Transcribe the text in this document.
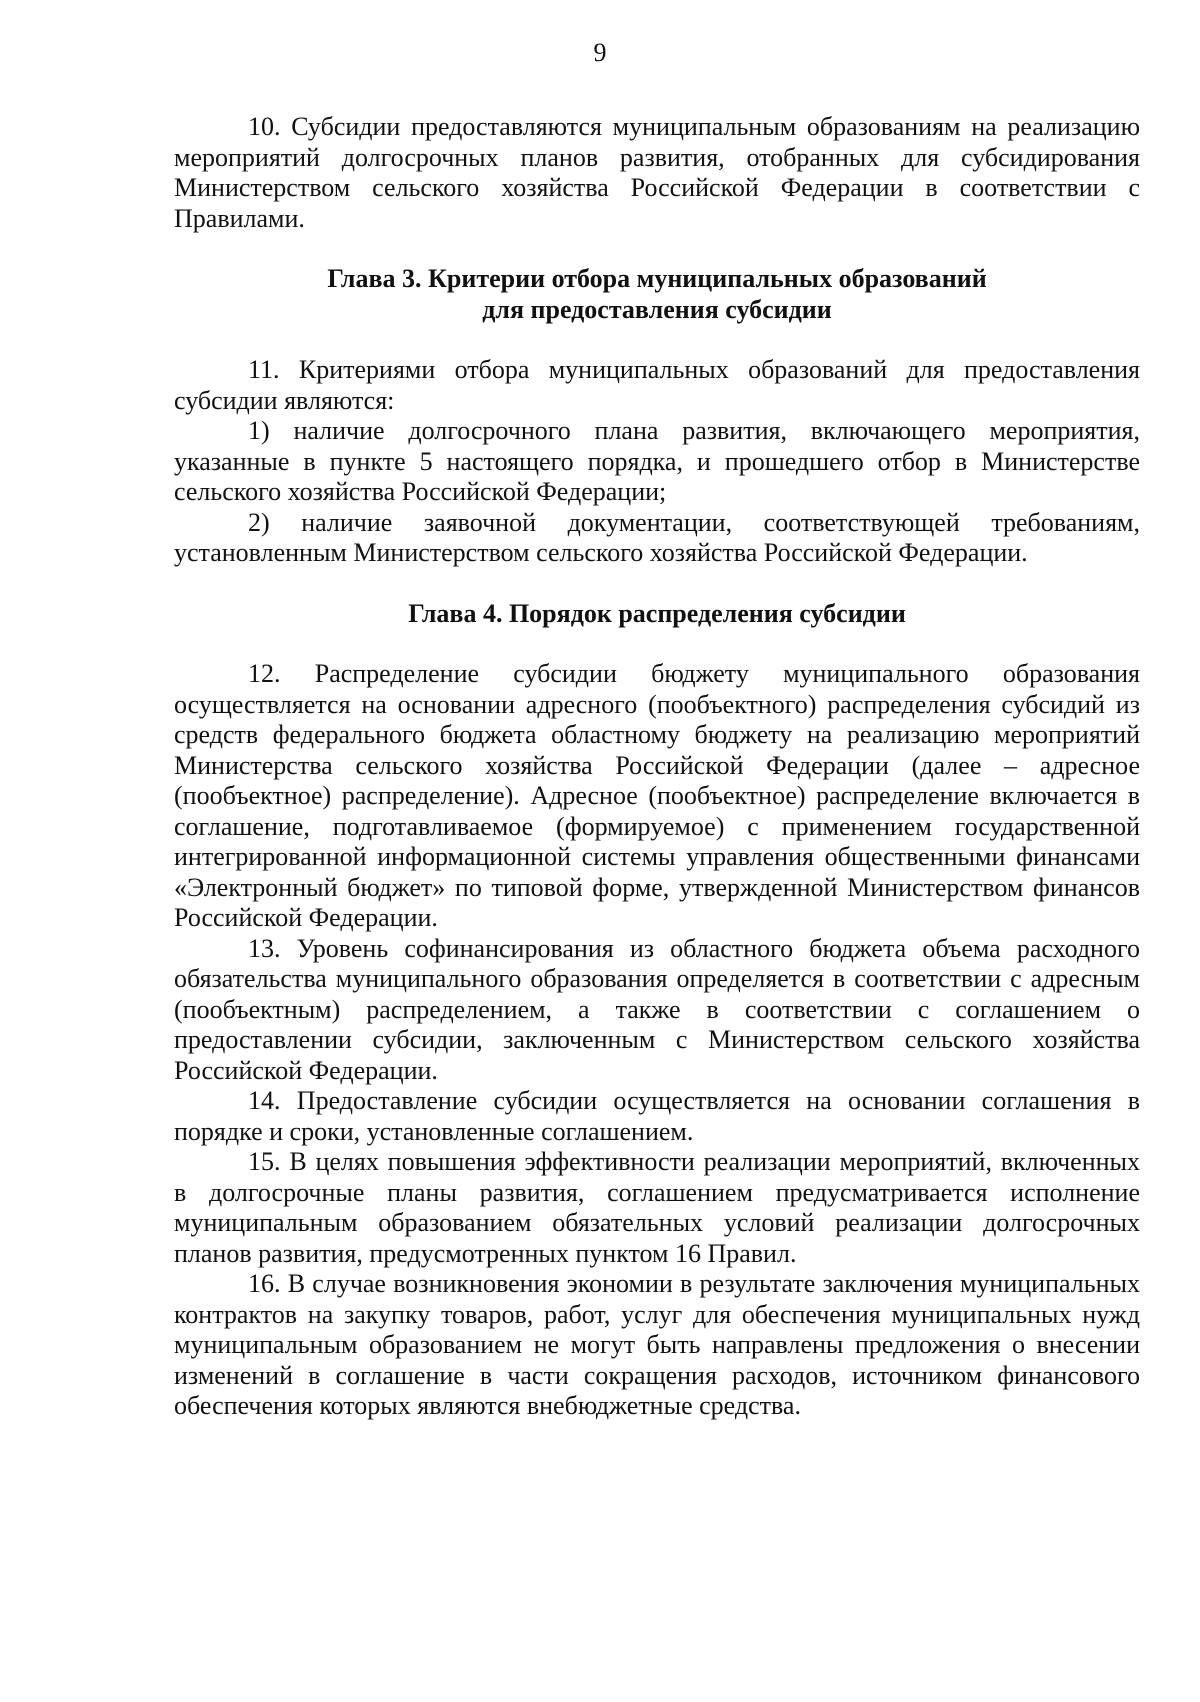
9

10. Субсидии предоставляются муниципальным образованиям на реализацию мероприятий долгосрочных планов развития, отобранных для субсидирования Министерством сельского хозяйства Российской Федерации в соответствии с Правилами.

Глава 3. Критерии отбора муниципальных образований
для предоставления субсидии

11. Критериями отбора муниципальных образований для предоставления субсидии являются:

1) наличие долгосрочного плана развития, включающего мероприятия, указанные в пункте 5 настоящего порядка, и прошедшего отбор в Министерстве сельского хозяйства Российской Федерации;

2) наличие заявочной документации, соответствующей требованиям, установленным Министерством сельского хозяйства Российской Федерации.

Глава 4. Порядок распределения субсидии

12. Распределение субсидии бюджету муниципального образования осуществляется на основании адресного (пообъектного) распределения субсидий из средств федерального бюджета областному бюджету на реализацию мероприятий Министерства сельского хозяйства Российской Федерации (далее – адресное (пообъектное) распределение). Адресное (пообъектное) распределение включается в соглашение, подготавливаемое (формируемое) с применением государственной интегрированной информационной системы управления общественными финансами «Электронный бюджет» по типовой форме, утвержденной Министерством финансов Российской Федерации.

13. Уровень софинансирования из областного бюджета объема расходного обязательства муниципального образования определяется в соответствии с адресным (пообъектным) распределением, а также в соответствии с соглашением о предоставлении субсидии, заключенным с Министерством сельского хозяйства Российской Федерации.

14. Предоставление субсидии осуществляется на основании соглашения в порядке и сроки, установленные соглашением.

15. В целях повышения эффективности реализации мероприятий, включенных в долгосрочные планы развития, соглашением предусматривается исполнение муниципальным образованием обязательных условий реализации долгосрочных планов развития, предусмотренных пунктом 16 Правил.

16. В случае возникновения экономии в результате заключения муниципальных контрактов на закупку товаров, работ, услуг для обеспечения муниципальных нужд муниципальным образованием не могут быть направлены предложения о внесении изменений в соглашение в части сокращения расходов, источником финансового обеспечения которых являются внебюджетные средства.
